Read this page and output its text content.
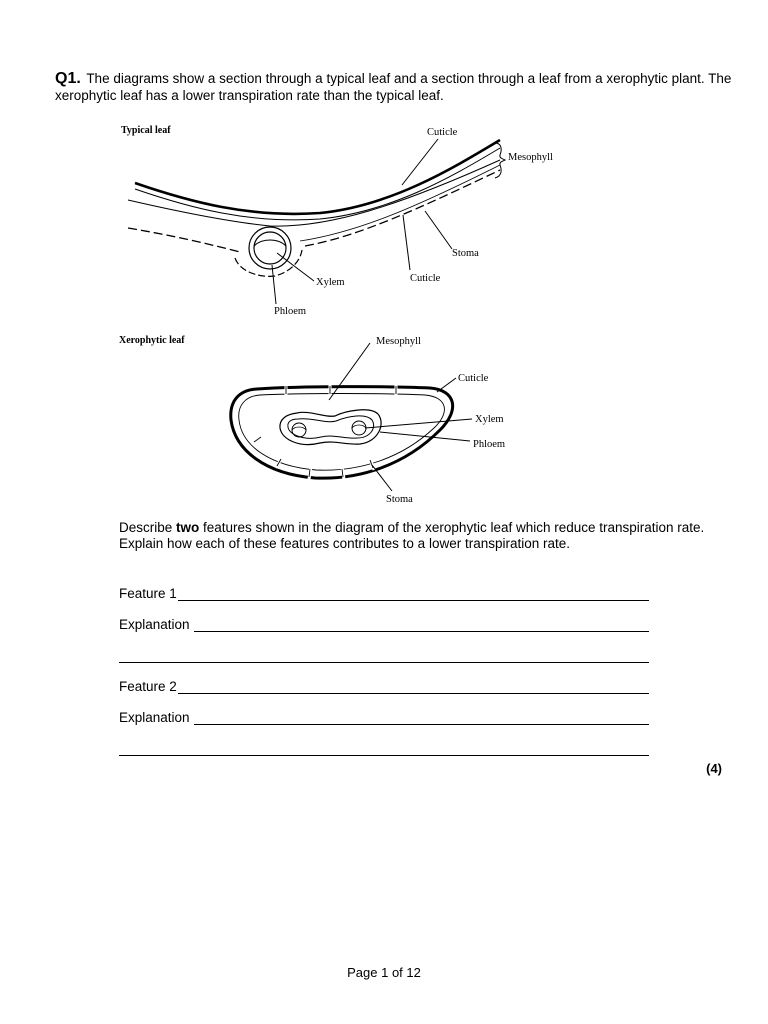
Q1. The diagrams show a section through a typical leaf and a section through a leaf from a xerophytic plant. The xerophytic leaf has a lower transpiration rate than the typical leaf.
Typical leaf	Cuticle
Mesophyll
Stoma
Cuticle
Xylem
Phloem
Xerophytic leaf	Mesophyll
Cuticle
Xylem
Phloem
Stoma
Describe two features shown in the diagram of the xerophytic leaf which reduce transpiration rate. Explain how each of these features contributes to a lower transpiration rate.
Feature 1
Explanation
Feature 2
Explanation
(4)
Page 1 of 12
